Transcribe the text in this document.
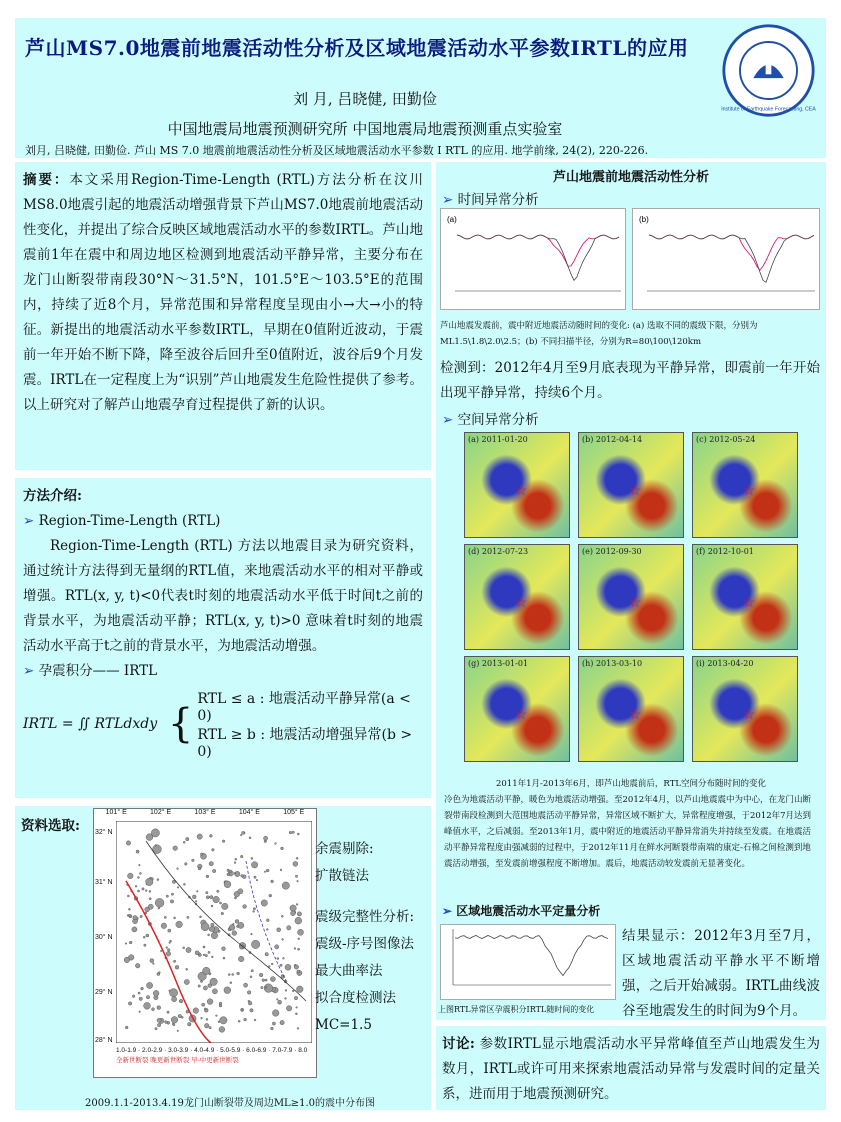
芦山MS7.0地震前地震活动性分析及区域地震活动水平参数IRTL的应用
刘 月, 吕晓健, 田勤俭
中国地震局地震预测研究所 中国地震局地震预测重点实验室
刘月, 吕晓健, 田勤俭. 芦山 MS 7.0 地震前地震活动性分析及区域地震活动水平参数 I RTL 的应用. 地学前缘, 24(2), 220-226.
Institute of Earthquake Forecasting, CEA
摘要：本文采用Region-Time-Length (RTL)方法分析在汶川MS8.0地震引起的地震活动增强背景下芦山MS7.0地震前地震活动性变化，并提出了综合反映区域地震活动水平的参数IRTL。芦山地震前1年在震中和周边地区检测到地震活动平静异常，主要分布在龙门山断裂带南段30°N～31.5°N，101.5°E～103.5°E的范围内，持续了近8个月，异常范围和异常程度呈现由小→大→小的特征。新提出的地震活动水平参数IRTL，早期在0值附近波动，于震前一年开始不断下降，降至波谷后回升至0值附近，波谷后9个月发震。IRTL在一定程度上为“识别”芦山地震发生危险性提供了参考。以上研究对了解芦山地震孕育过程提供了新的认识。
方法介绍:
➢ Region-Time-Length (RTL)
Region-Time-Length (RTL) 方法以地震目录为研究资料，通过统计方法得到无量纲的RTL值，来地震活动水平的相对平静或增强。RTL(x, y, t)<0代表t时刻的地震活动水平低于时间t之前的背景水平，为地震活动平静；RTL(x, y, t)>0 意味着t时刻的地震活动水平高于t之前的背景水平，为地震活动增强。
➢ 孕震积分—— IRTL
IRTL = ∬ RTLdxdy {
RTL ≤ a : 地震活动平静异常(a < 0)
RTL ≥ b : 地震活动增强异常(b > 0)
资料选取:
101° E	102° E	103° E	104° E	105° E
32° N
31° N
30° N
29° N
28° N
1.0-1.9 · 2.0-2.9 · 3.0-3.9 · 4.0-4.9 · 5.0-5.9 · 6.0-6.9 · 7.0-7.9 · 8.0
全新世断裂 晚更新世断裂 早-中更新世断裂
余震剔除:
扩散链法
震级完整性分析:
震级-序号图像法
最大曲率法
拟合度检测法
MC=1.5
2009.1.1-2013.4.19龙门山断裂带及周边ML≥1.0的震中分布图
芦山地震前地震活动性分析
➢ 时间异常分析
(a)	(b)
芦山地震发震前，震中附近地震活动随时间的变化: (a) 选取不同的震级下限，分别为ML1.5\1.8\2.0\2.5；(b) 不同扫描半径，分别为R=80\100\120km
检测到：2012年4月至9月底表现为平静异常，即震前一年开始出现平静异常，持续6个月。
➢ 空间异常分析
(a) 2011-01-20
☆
(b) 2012-04-14
☆
(c) 2012-05-24
☆
(d) 2012-07-23
☆
(e) 2012-09-30
☆
(f) 2012-10-01
☆
(g) 2013-01-01
☆
(h) 2013-03-10
☆
(i) 2013-04-20
☆
2011年1月-2013年6月，即芦山地震前后，RTL空间分布随时间的变化
冷色为地震活动平静，暖色为地震活动增强。至2012年4月，以芦山地震震中为中心，在龙门山断裂带南段检测到大范围地震活动平静异常，异常区域不断扩大，异常程度增强，于2012年7月达到峰值水平，之后减弱。至2013年1月，震中附近的地震活动平静异常消失并持续至发震。在地震活动平静异常程度由强减弱的过程中，于2012年11月在鲜水河断裂带南端的康定-石棉之间检测到地震活动增强，至发震前增强程度不断增加。震后，地震活动较发震前无显著变化。
➢ 区域地震活动水平定量分析
上图RTL异常区孕震积分IRTL随时间的变化
结果显示：2012年3月至7月，区域地震活动平静水平不断增强，之后开始减弱。IRTL曲线波谷至地震发生的时间为9个月。
讨论: 参数IRTL显示地震活动水平异常峰值至芦山地震发生为数月，IRTL或许可用来探索地震活动异常与发震时间的定量关系，进而用于地震预测研究。
